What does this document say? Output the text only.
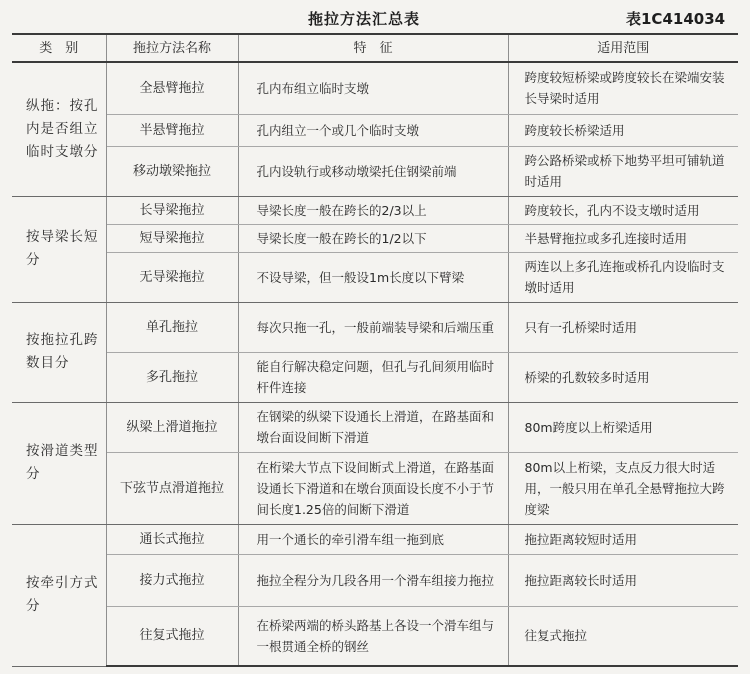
拖拉方法汇总表	表1C414034
类　别	拖拉方法名称	特　征	适用范围
纵拖：按孔内是否组立临时支墩分	全悬臂拖拉	孔内布组立临时支墩	跨度较短桥梁或跨度较长在梁端安装长导梁时适用
	半悬臂拖拉	孔内组立一个或几个临时支墩	跨度较长桥梁适用
	移动墩梁拖拉	孔内设轨行或移动墩梁托住钢梁前端	跨公路桥梁或桥下地势平坦可铺轨道时适用
按导梁长短分	长导梁拖拉	导梁长度一般在跨长的2/3以上	跨度较长，孔内不设支墩时适用
	短导梁拖拉	导梁长度一般在跨长的1/2以下	半悬臂拖拉或多孔连接时适用
	无导梁拖拉	不设导梁，但一般设1m长度以下臂梁	两连以上多孔连拖或桥孔内设临时支墩时适用
按拖拉孔跨数目分	单孔拖拉	每次只拖一孔，一般前端装导梁和后端压重	只有一孔桥梁时适用
	多孔拖拉	能自行解决稳定问题，但孔与孔间须用临时杆件连接	桥梁的孔数较多时适用
按滑道类型分	纵梁上滑道拖拉	在钢梁的纵梁下设通长上滑道，在路基面和墩台面设间断下滑道	80m跨度以上桁梁适用
	下弦节点滑道拖拉	在桁梁大节点下设间断式上滑道，在路基面设通长下滑道和在墩台顶面设长度不小于节间长度1.25倍的间断下滑道	80m以上桁梁，支点反力很大时适用，一般只用在单孔全悬臂拖拉大跨度梁
按牵引方式分	通长式拖拉	用一个通长的牵引滑车组一拖到底	拖拉距离较短时适用
	接力式拖拉	拖拉全程分为几段各用一个滑车组接力拖拉	拖拉距离较长时适用
	往复式拖拉	在桥梁两端的桥头路基上各设一个滑车组与一根贯通全桥的钢丝	往复式拖拉
